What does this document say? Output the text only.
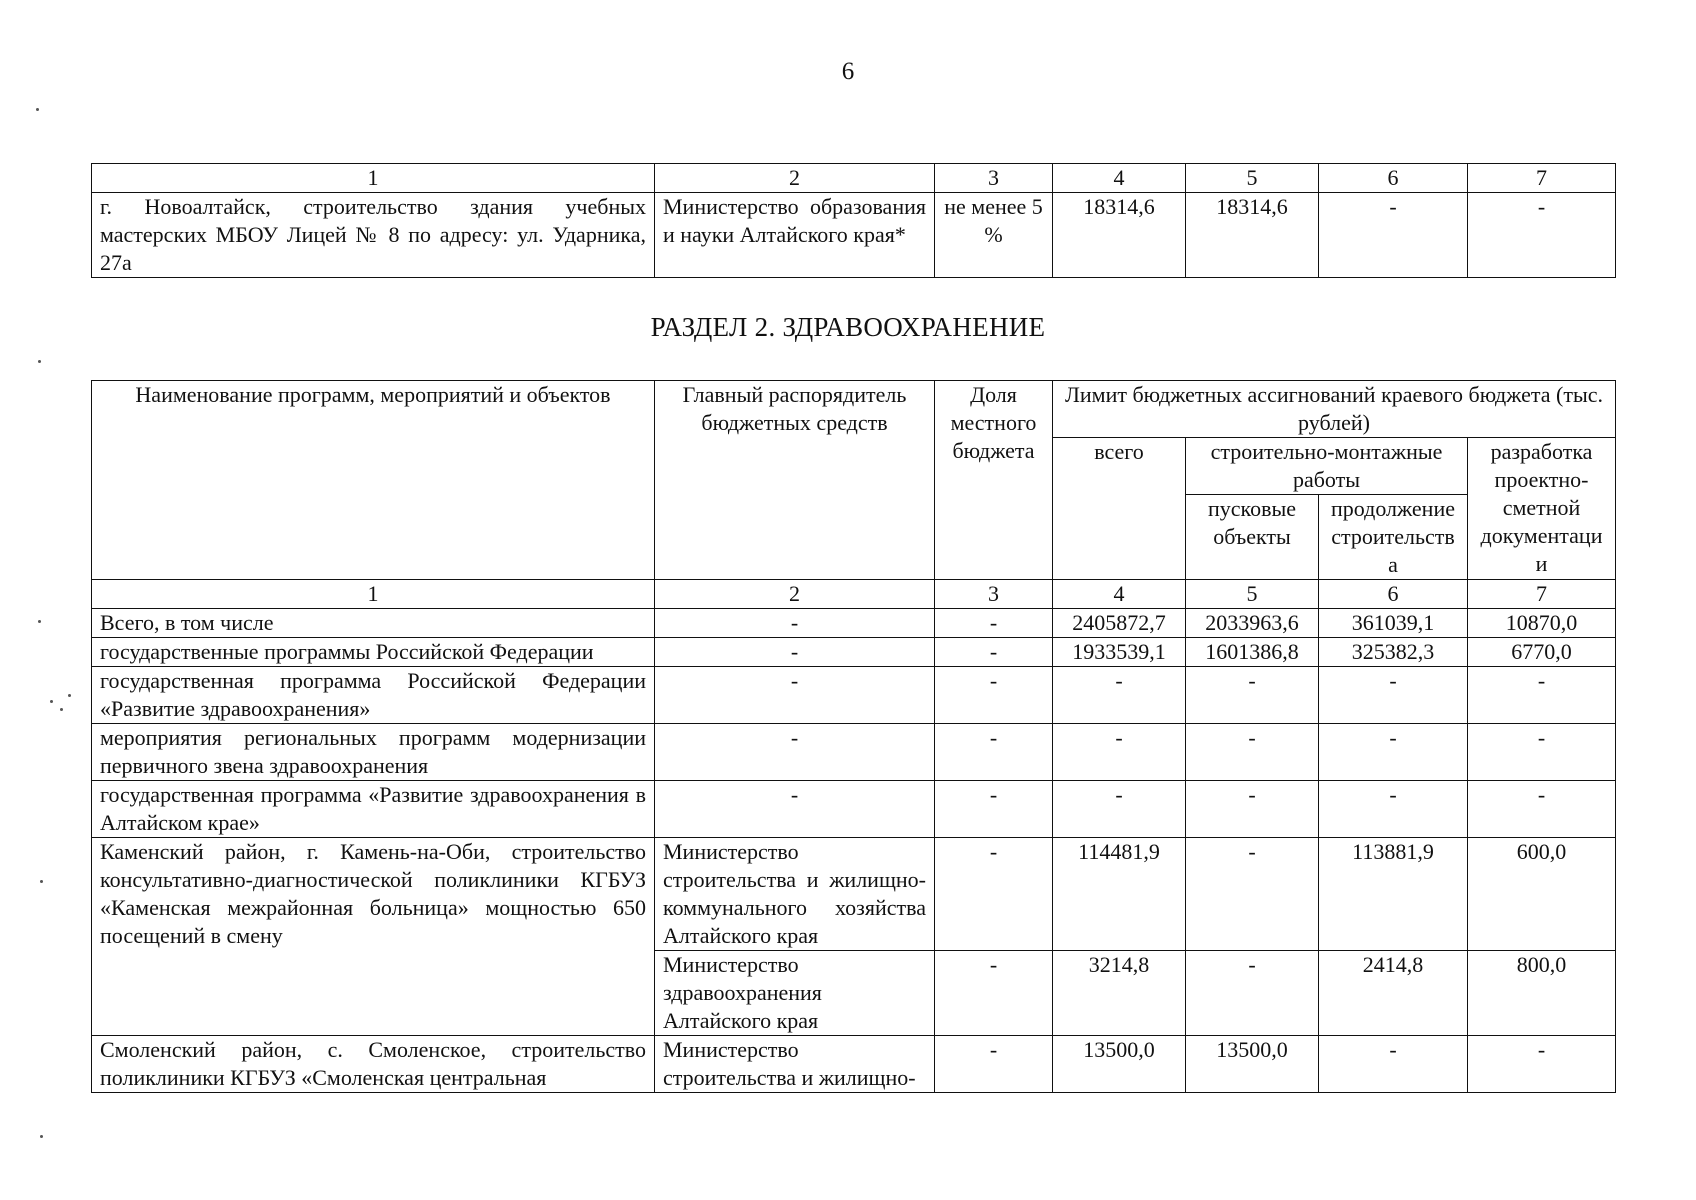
6
1	2	3	4	5	6	7
г. Новоалтайск, строительство здания учебных мастерских МБОУ Лицей № 8 по адресу: ул. Ударника, 27а	Министерство образования и науки Алтайского края*	не менее 5 %	18314,6	18314,6	-	-
РАЗДЕЛ 2. ЗДРАВООХРАНЕНИЕ
Наименование программ, мероприятий и объектов	Главный распорядитель бюджетных средств	Доля местного бюджета	Лимит бюджетных ассигнований краевого бюджета (тыс. рублей)			
			всего	строительно-монтажные работы		разработка проектно-сметной документации
				пусковые объекты	продолжение строительства	
1	2	3	4	5	6	7
Всего, в том числе	-	-	2405872,7	2033963,6	361039,1	10870,0
государственные программы Российской Федерации	-	-	1933539,1	1601386,8	325382,3	6770,0
государственная программа Российской Федерации «Развитие здравоохранения»	-	-	-	-	-	-
мероприятия региональных программ модернизации первичного звена здравоохранения	-	-	-	-	-	-
государственная программа «Развитие здравоохранения в Алтайском крае»	-	-	-	-	-	-
Каменский район, г. Камень-на-Оби, строительство консультативно-диагностической поликлиники КГБУЗ «Каменская межрайонная больница» мощностью 650 посещений в смену	Министерство строительства и жилищно-коммунального хозяйства Алтайского края	-	114481,9	-	113881,9	600,0
	Министерство здравоохранения Алтайского края	-	3214,8	-	2414,8	800,0
Смоленский район, с. Смоленское, строительство поликлиники КГБУЗ «Смоленская центральная	Министерство строительства и жилищно-	-	13500,0	13500,0	-	-
